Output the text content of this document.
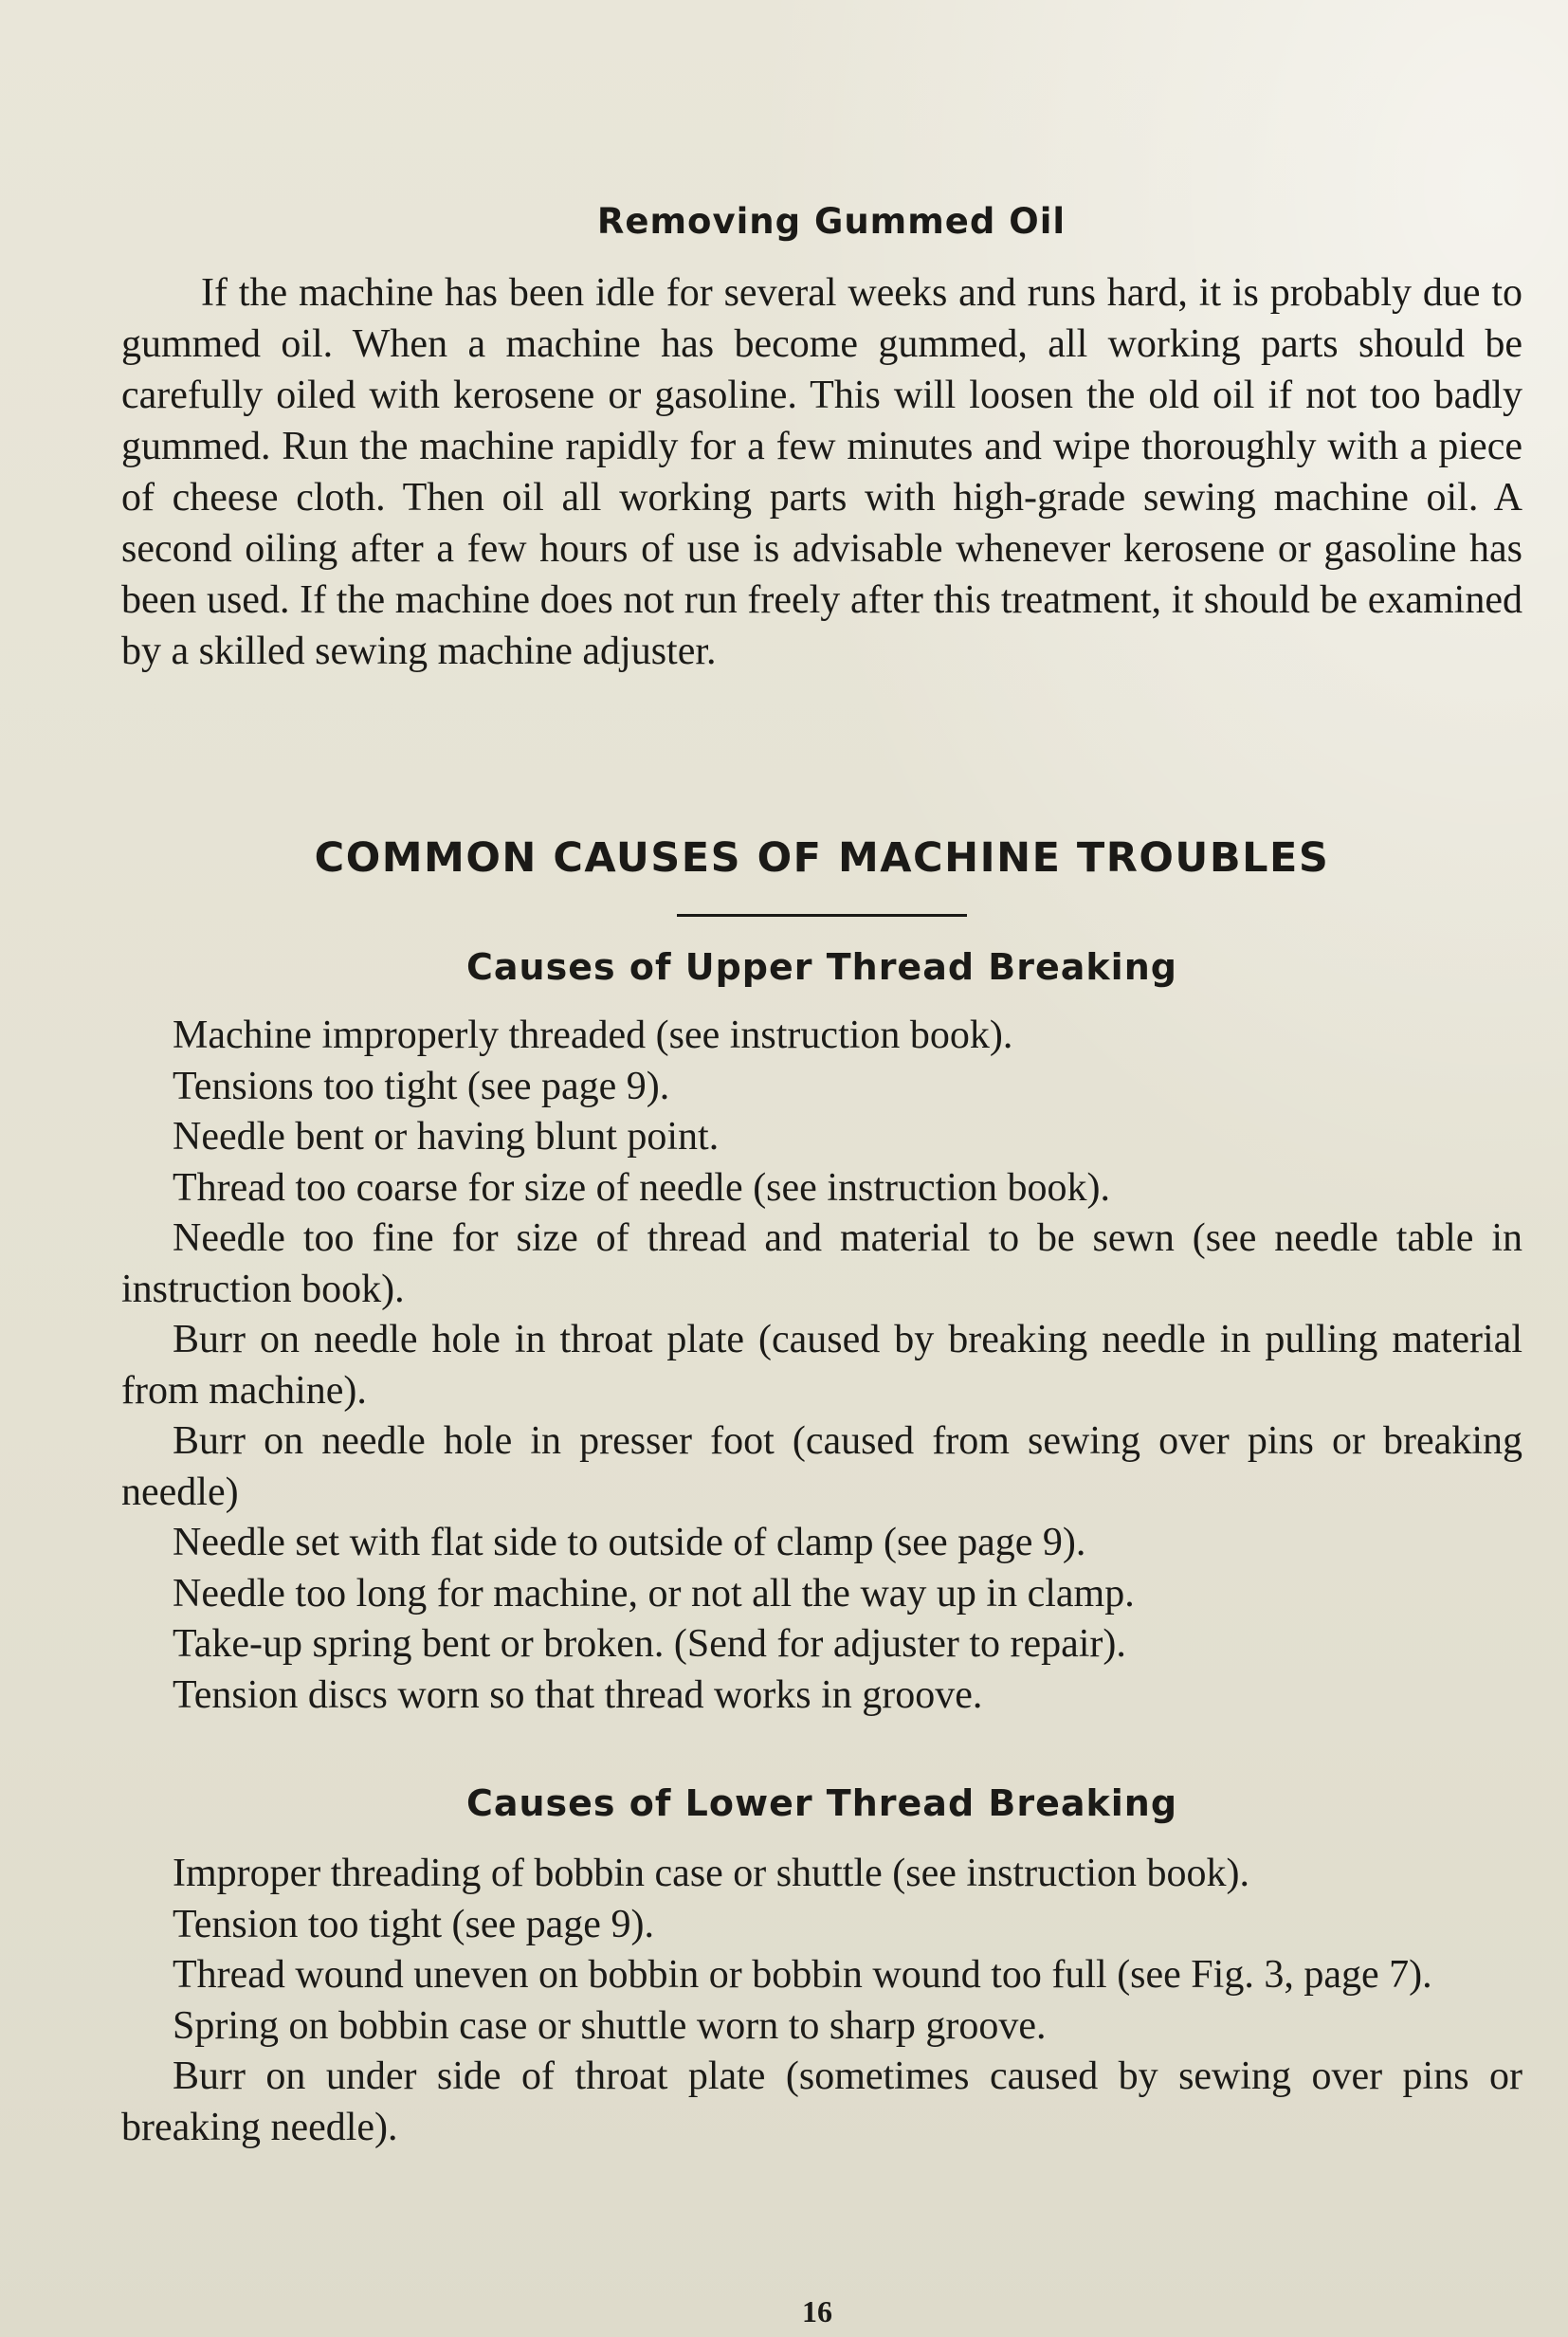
Removing Gummed Oil

If the machine has been idle for several weeks and runs hard, it is probably due to gummed oil. When a machine has become gummed, all working parts should be carefully oiled with kerosene or gasoline. This will loosen the old oil if not too badly gummed. Run the machine rapidly for a few minutes and wipe thoroughly with a piece of cheese cloth. Then oil all working parts with high-grade sewing machine oil. A second oiling after a few hours of use is advisable whenever kerosene or gasoline has been used. If the machine does not run freely after this treatment, it should be examined by a skilled sewing machine adjuster.

COMMON CAUSES OF MACHINE TROUBLES
Causes of Upper Thread Breaking
Machine improperly threaded (see instruction book).
Tensions too tight (see page 9).
Needle bent or having blunt point.
Thread too coarse for size of needle (see instruction book).
Needle too fine for size of thread and material to be sewn (see needle table in instruction book).
Burr on needle hole in throat plate (caused by breaking needle in pulling material from machine).
Burr on needle hole in presser foot (caused from sewing over pins or breaking needle)
Needle set with flat side to outside of clamp (see page 9).
Needle too long for machine, or not all the way up in clamp.
Take-up spring bent or broken. (Send for adjuster to repair).
Tension discs worn so that thread works in groove.
Causes of Lower Thread Breaking
Improper threading of bobbin case or shuttle (see instruction book).
Tension too tight (see page 9).
Thread wound uneven on bobbin or bobbin wound too full (see Fig. 3, page 7).
Spring on bobbin case or shuttle worn to sharp groove.
Burr on under side of throat plate (sometimes caused by sewing over pins or breaking needle).
16
